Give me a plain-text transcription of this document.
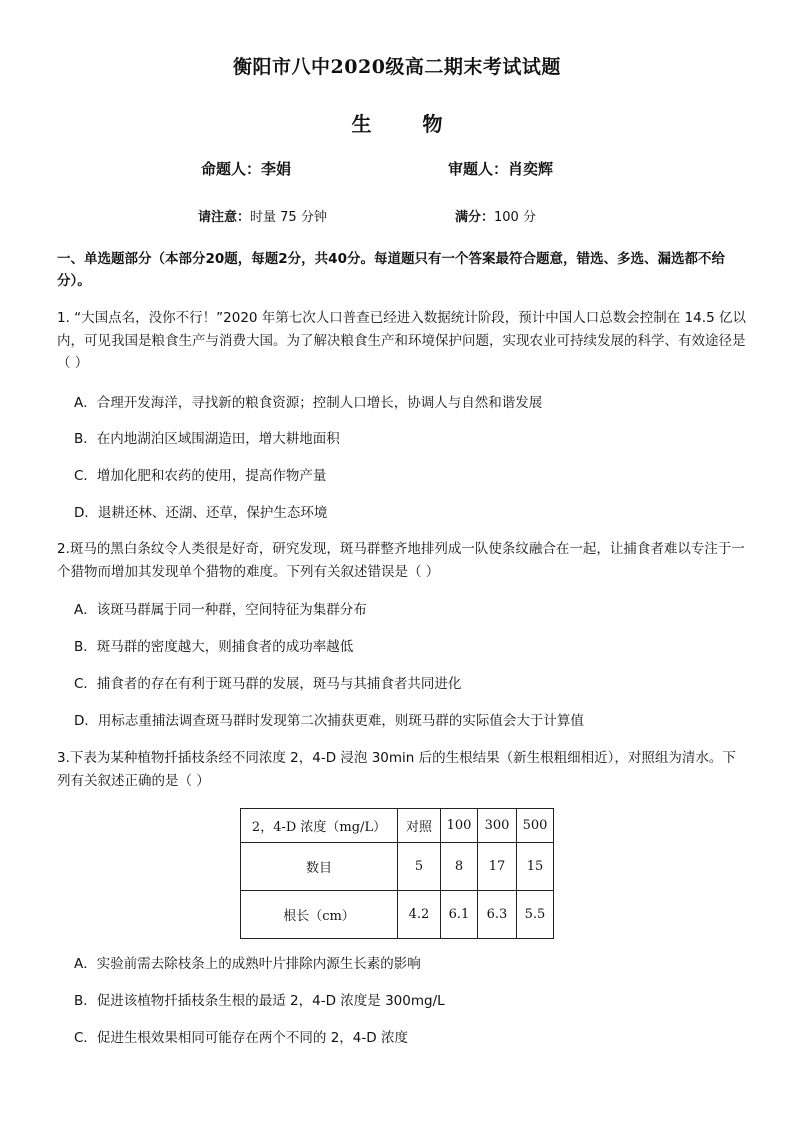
衡阳市八中2020级高二期末考试试题
生 物
命题人：李娟	审题人：肖奕辉
请注意：时量 75 分钟	满分：100 分
一、单选题部分（本部分20题，每题2分，共40分。每道题只有一个答案最符合题意，错选、多选、漏选都不给分）。
1. “大国点名，没你不行！”2020 年第七次人口普查已经进入数据统计阶段，预计中国人口总数会控制在 14.5 亿以内，可见我国是粮食生产与消费大国。为了解决粮食生产和环境保护问题，实现农业可持续发展的科学、有效途径是（ ）
A．合理开发海洋，寻找新的粮食资源；控制人口增长，协调人与自然和谐发展
B．在内地湖泊区域围湖造田，增大耕地面积
C．增加化肥和农药的使用，提高作物产量
D．退耕还林、还湖、还草，保护生态环境
2.斑马的黑白条纹令人类很是好奇，研究发现，斑马群整齐地排列成一队使条纹融合在一起，让捕食者难以专注于一个猎物而增加其发现单个猎物的难度。下列有关叙述错误是（ ）
A．该斑马群属于同一种群，空间特征为集群分布
B．斑马群的密度越大，则捕食者的成功率越低
C．捕食者的存在有利于斑马群的发展，斑马与其捕食者共同进化
D．用标志重捕法调查斑马群时发现第二次捕获更难，则斑马群的实际值会大于计算值
3.下表为某种植物扦插枝条经不同浓度 2，4-D 浸泡 30min 后的生根结果（新生根粗细相近），对照组为清水。下列有关叙述正确的是（ ）
2，4-D 浓度（mg/L）	对照	100	300	500
数目	5	8	17	15
根长（cm）	4.2	6.1	6.3	5.5
A．实验前需去除枝条上的成熟叶片排除内源生长素的影响
B．促进该植物扦插枝条生根的最适 2，4-D 浓度是 300mg/L
C．促进生根效果相同可能存在两个不同的 2，4-D 浓度
